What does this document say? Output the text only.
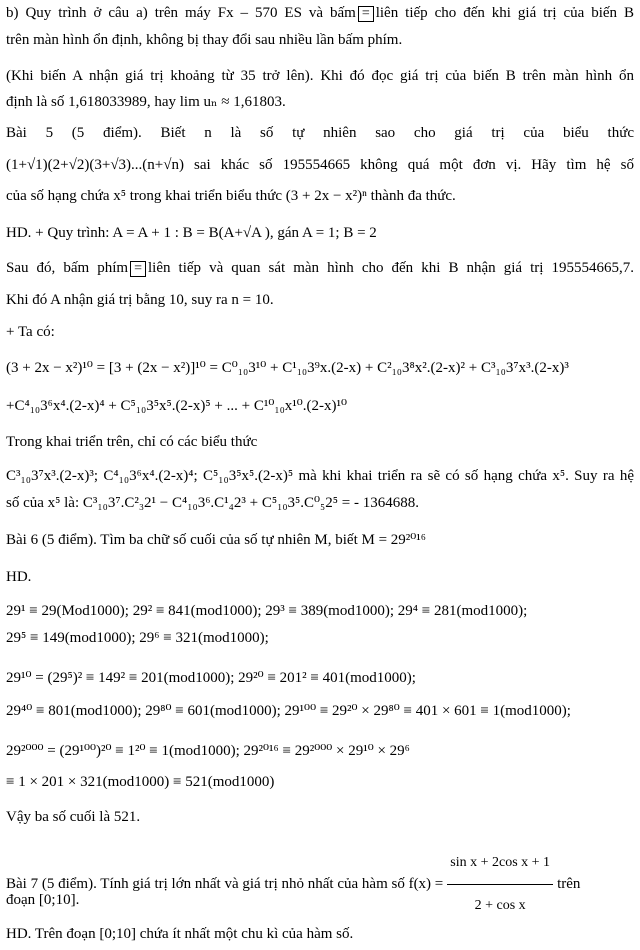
b) Quy trình ở câu a) trên máy Fx – 570 ES và bấm = liên tiếp cho đến khi giá trị của biến B
trên màn hình ổn định, không bị thay đổi sau nhiều lần bấm phím.
(Khi biến A nhận giá trị khoảng từ 35 trở lên). Khi đó đọc giá trị của biến B trên màn hình ổn
định là số 1,618033989, hay lim uₙ ≈ 1,61803.
Bài 5 (5 điểm). Biết n là số tự nhiên sao cho giá trị của biểu thức
(1+√1)(2+√2)(3+√3)...(n+√n) sai khác số 195554665 không quá một đơn vị. Hãy tìm hệ số
của số hạng chứa x⁵ trong khai triển biểu thức (3 + 2x − x²)ⁿ thành đa thức.
HD. + Quy trình: A = A + 1 : B = B(A+√A ), gán A = 1; B = 2
Sau đó, bấm phím = liên tiếp và quan sát màn hình cho đến khi B nhận giá trị 195554665,7.
Khi đó A nhận giá trị bằng 10, suy ra n = 10.
+ Ta có:
(3 + 2x − x²)¹⁰ = [3 + (2x − x²)]¹⁰ = C⁰₁₀3¹⁰ + C¹₁₀3⁹x.(2-x) + C²₁₀3⁸x².(2-x)² + C³₁₀3⁷x³.(2-x)³
+C⁴₁₀3⁶x⁴.(2-x)⁴ + C⁵₁₀3⁵x⁵.(2-x)⁵ + ... + C¹⁰₁₀x¹⁰.(2-x)¹⁰
Trong khai triển trên, chỉ có các biểu thức
C³₁₀3⁷x³.(2-x)³; C⁴₁₀3⁶x⁴.(2-x)⁴; C⁵₁₀3⁵x⁵.(2-x)⁵ mà khi khai triển ra sẽ có số hạng chứa x⁵. Suy ra hệ
số của x⁵ là: C³₁₀3⁷.C²₃2¹ − C⁴₁₀3⁶.C¹₄2³ + C⁵₁₀3⁵.C⁰₅2⁵ = - 1364688.
Bài 6 (5 điểm). Tìm ba chữ số cuối của số tự nhiên M, biết M = 29²⁰¹⁶
HD.
29¹ ≡ 29(Mod1000); 29² ≡ 841(mod1000); 29³ ≡ 389(mod1000); 29⁴ ≡ 281(mod1000);
29⁵ ≡ 149(mod1000); 29⁶ ≡ 321(mod1000);
29¹⁰ = (29⁵)² ≡ 149² ≡ 201(mod1000); 29²⁰ ≡ 201² ≡ 401(mod1000);
29⁴⁰ ≡ 801(mod1000); 29⁸⁰ ≡ 601(mod1000); 29¹⁰⁰ ≡ 29²⁰ × 29⁸⁰ ≡ 401 × 601 ≡ 1(mod1000);
29²⁰⁰⁰ = (29¹⁰⁰)²⁰ ≡ 1²⁰ ≡ 1(mod1000); 29²⁰¹⁶ ≡ 29²⁰⁰⁰ × 29¹⁰ × 29⁶
≡ 1 × 201 × 321(mod1000) ≡ 521(mod1000)
Vậy ba số cuối là 521.
Bài 7 (5 điểm). Tính giá trị lớn nhất và giá trị nhỏ nhất của hàm số $f(x) = \frac{\text{sin x + 2cos x + 1}}{\text{2 + cos x}}$ trên
đoạn [0;10].
HD. Trên đoạn [0;10] chứa ít nhất một chu kì của hàm số.
